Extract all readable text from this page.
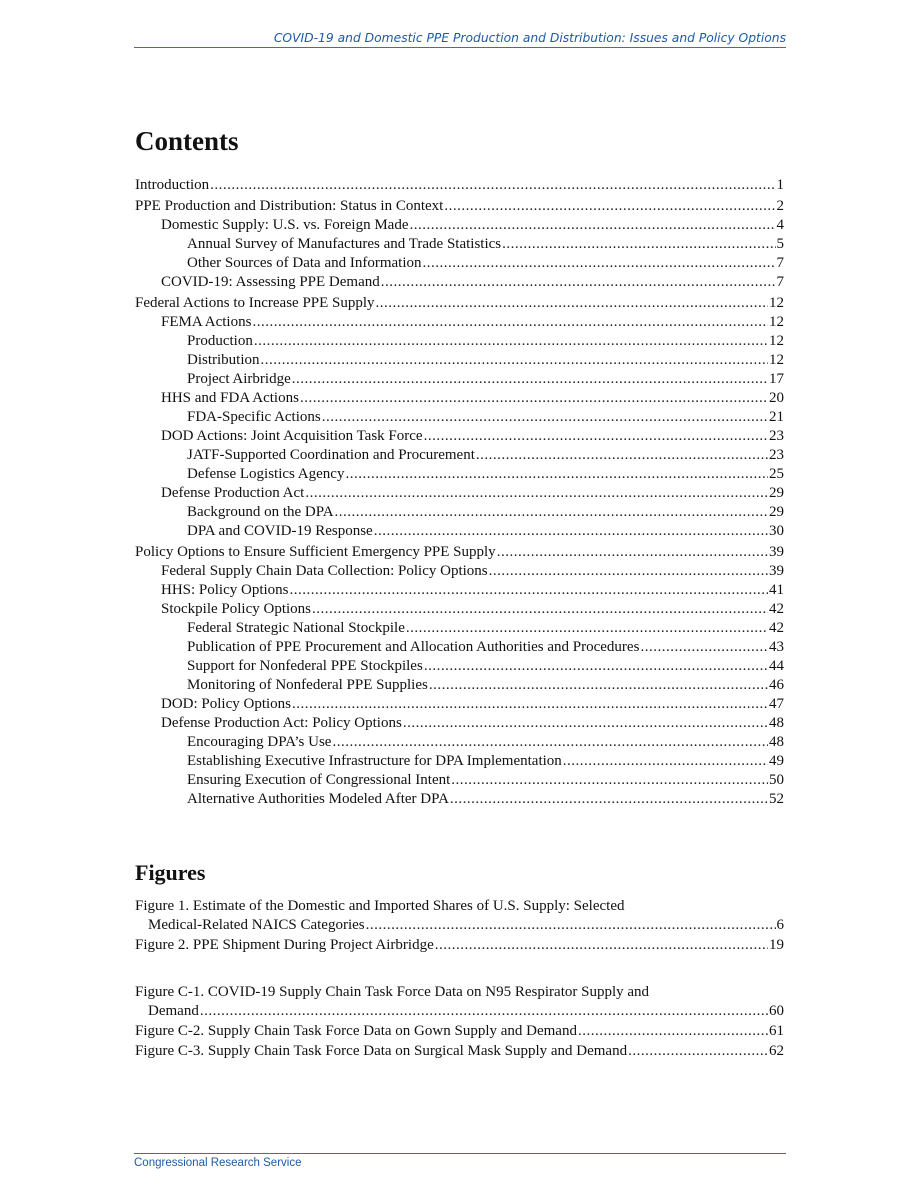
COVID-19 and Domestic PPE Production and Distribution: Issues and Policy Options
Contents
Introduction .....	1
PPE Production and Distribution: Status in Context .....	2
Domestic Supply: U.S. vs. Foreign Made .....	4
Annual Survey of Manufactures and Trade Statistics .....	5
Other Sources of Data and Information .....	7
COVID-19: Assessing PPE Demand .....	7
Federal Actions to Increase PPE Supply .....	12
FEMA Actions .....	12
Production .....	12
Distribution .....	12
Project Airbridge .....	17
HHS and FDA Actions .....	20
FDA-Specific Actions .....	21
DOD Actions: Joint Acquisition Task Force .....	23
JATF-Supported Coordination and Procurement .....	23
Defense Logistics Agency .....	25
Defense Production Act .....	29
Background on the DPA .....	29
DPA and COVID-19 Response .....	30
Policy Options to Ensure Sufficient Emergency PPE Supply .....	39
Federal Supply Chain Data Collection: Policy Options .....	39
HHS: Policy Options .....	41
Stockpile Policy Options .....	42
Federal Strategic National Stockpile .....	42
Publication of PPE Procurement and Allocation Authorities and Procedures .....	43
Support for Nonfederal PPE Stockpiles .....	44
Monitoring of Nonfederal PPE Supplies .....	46
DOD: Policy Options .....	47
Defense Production Act: Policy Options .....	48
Encouraging DPA’s Use .....	48
Establishing Executive Infrastructure for DPA Implementation .....	49
Ensuring Execution of Congressional Intent .....	50
Alternative Authorities Modeled After DPA .....	52
Figures
Figure 1. Estimate of the Domestic and Imported Shares of U.S. Supply: Selected
Medical-Related NAICS Categories .....	6
Figure 2. PPE Shipment During Project Airbridge .....	19
Figure C-1. COVID-19 Supply Chain Task Force Data on N95 Respirator Supply and
Demand .....	60
Figure C-2. Supply Chain Task Force Data on Gown Supply and Demand .....	61
Figure C-3. Supply Chain Task Force Data on Surgical Mask Supply and Demand .....	62
Congressional Research Service
